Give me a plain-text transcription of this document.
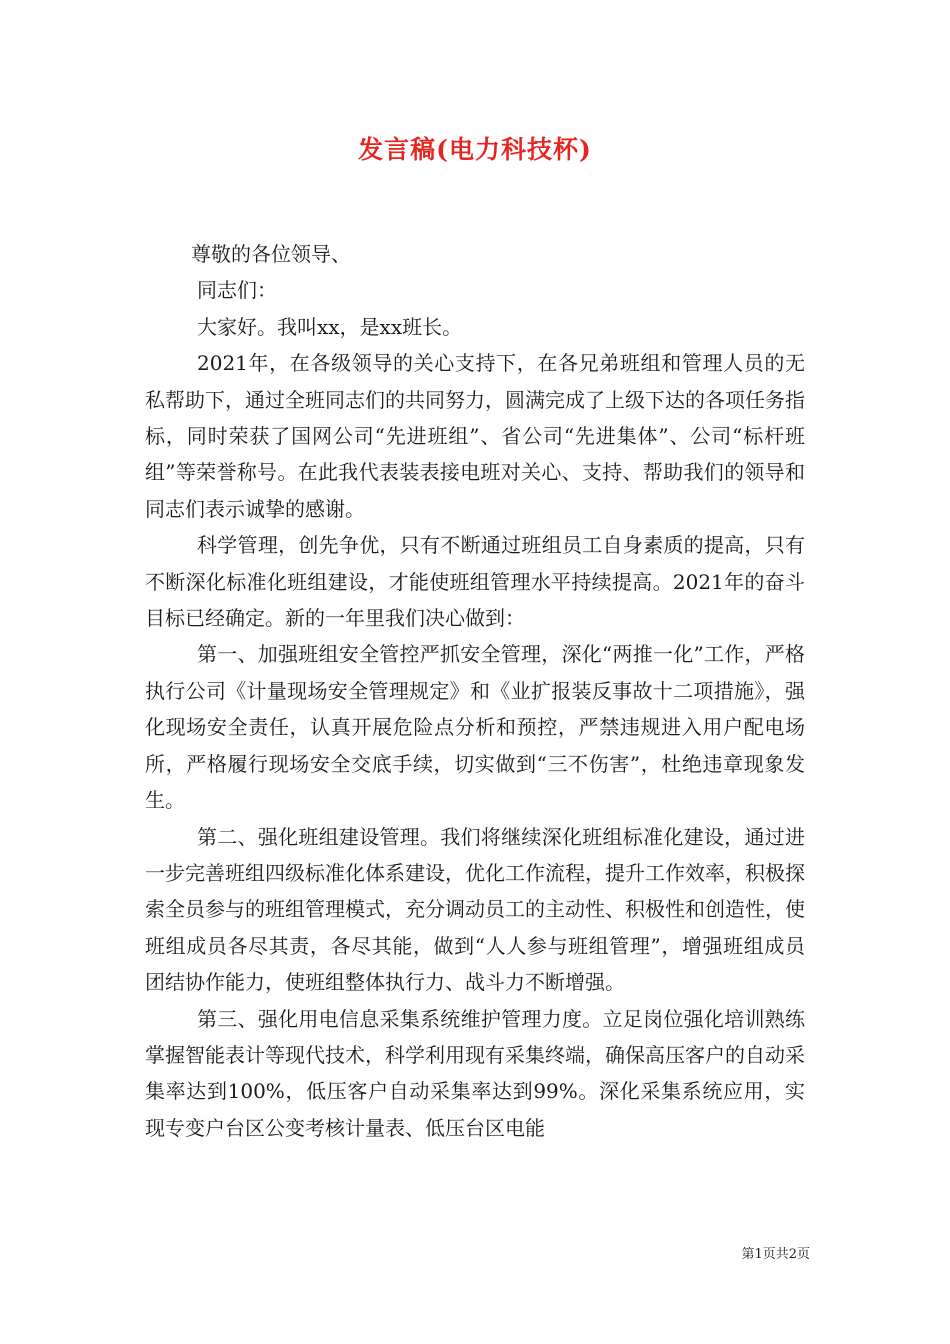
发言稿(电力科技杯)

尊敬的各位领导、

同志们：

大家好。我叫xx，是xx班长。

2021年，在各级领导的关心支持下，在各兄弟班组和管理人员的无私帮助下，通过全班同志们的共同努力，圆满完成了上级下达的各项任务指标，同时荣获了国网公司“先进班组”、省公司“先进集体”、公司“标杆班组”等荣誉称号。在此我代表装表接电班对关心、支持、帮助我们的领导和同志们表示诚挚的感谢。

科学管理，创先争优，只有不断通过班组员工自身素质的提高，只有不断深化标准化班组建设，才能使班组管理水平持续提高。2021年的奋斗目标已经确定。新的一年里我们决心做到：

第一、加强班组安全管控严抓安全管理，深化“两推一化”工作，严格执行公司《计量现场安全管理规定》和《业扩报装反事故十二项措施》，强化现场安全责任，认真开展危险点分析和预控，严禁违规进入用户配电场所，严格履行现场安全交底手续，切实做到“三不伤害”，杜绝违章现象发生。

第二、强化班组建设管理。我们将继续深化班组标准化建设，通过进一步完善班组四级标准化体系建设，优化工作流程，提升工作效率，积极探索全员参与的班组管理模式，充分调动员工的主动性、积极性和创造性，使班组成员各尽其责，各尽其能，做到“人人参与班组管理”，增强班组成员团结协作能力，使班组整体执行力、战斗力不断增强。

第三、强化用电信息采集系统维护管理力度。立足岗位强化培训熟练掌握智能表计等现代技术，科学利用现有采集终端，确保高压客户的自动采集率达到100%，低压客户自动采集率达到99%。深化采集系统应用，实现专变户台区公变考核计量表、低压台区电能

第1页共2页
